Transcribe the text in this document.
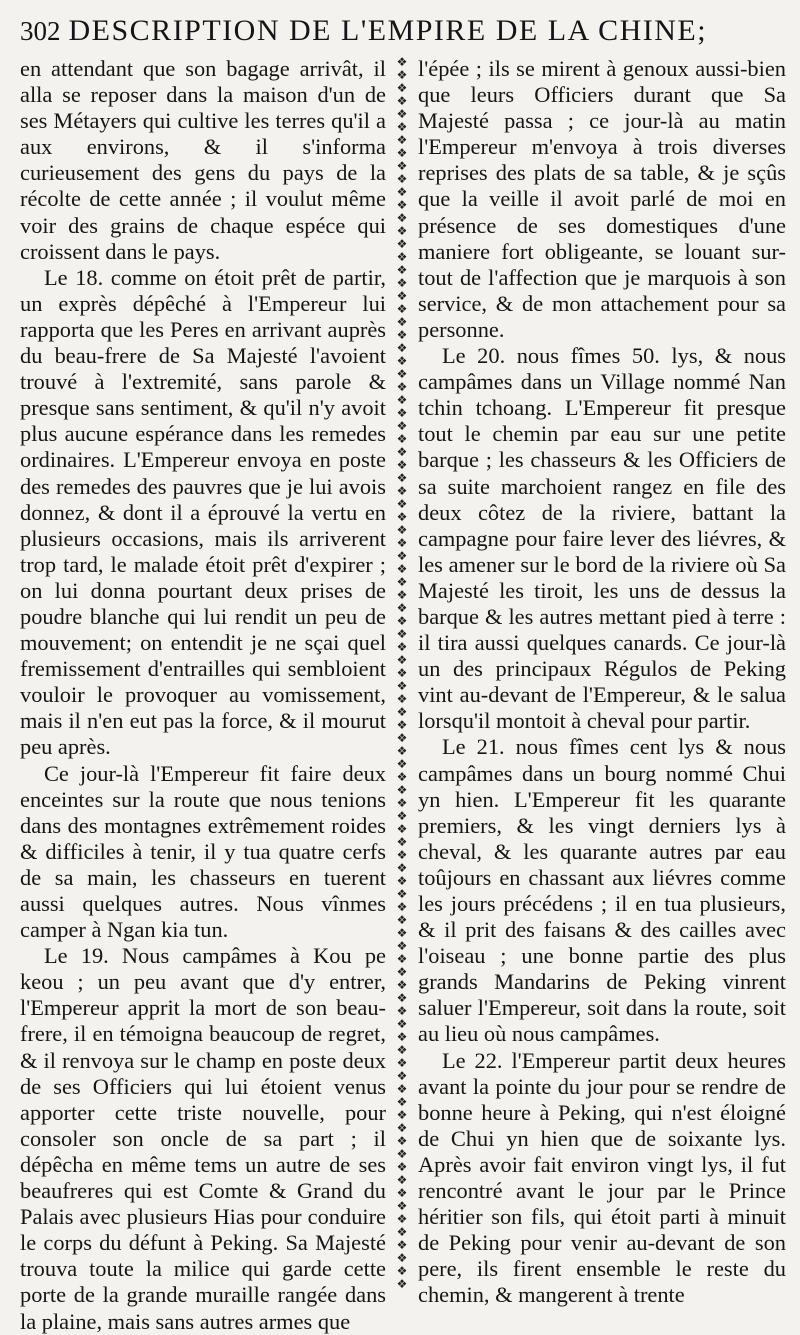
302 DESCRIPTION DE L'EMPIRE DE LA CHINE;

en attendant que son bagage arrivât, il alla se reposer dans la maison d'un de ses Métayers qui cultive les terres qu'il a aux environs, & il s'informa curieusement des gens du pays de la récolte de cette année ; il voulut même voir des grains de chaque espéce qui croissent dans le pays.

Le 18. comme on étoit prêt de partir, un exprès dépêché à l'Empereur lui rapporta que les Peres en arrivant auprès du beau-frere de Sa Majesté l'avoient trouvé à l'extremité, sans parole & presque sans sentiment, & qu'il n'y avoit plus aucune espérance dans les remedes ordinaires. L'Empereur envoya en poste des remedes des pauvres que je lui avois donnez, & dont il a éprouvé la vertu en plusieurs occasions, mais ils arriverent trop tard, le malade étoit prêt d'expirer ; on lui donna pourtant deux prises de poudre blanche qui lui rendit un peu de mouvement; on entendit je ne sçai quel fremissement d'entrailles qui sembloient vouloir le provoquer au vomissement, mais il n'en eut pas la force, & il mourut peu après.

Ce jour-là l'Empereur fit faire deux enceintes sur la route que nous tenions dans des montagnes extrêmement roides & difficiles à tenir, il y tua quatre cerfs de sa main, les chasseurs en tuerent aussi quelques autres. Nous vînmes camper à Ngan kia tun.

Le 19. Nous campâmes à Kou pe keou ; un peu avant que d'y entrer, l'Empereur apprit la mort de son beau-frere, il en témoigna beaucoup de regret, & il renvoya sur le champ en poste deux de ses Officiers qui lui étoient venus apporter cette triste nouvelle, pour consoler son oncle de sa part ; il dépêcha en même tems un autre de ses beaufreres qui est Comte & Grand du Palais avec plusieurs Hias pour conduire le corps du défunt à Peking. Sa Majesté trouva toute la milice qui garde cette porte de la grande muraille rangée dans la plaine, mais sans autres armes que

❖
❖
❖
❖
❖
❖
❖
❖
❖
❖
❖
❖
❖
❖
❖
❖
❖
❖
❖
❖
❖
❖
❖
❖
❖
❖
❖
❖
❖
❖
❖
❖
❖
❖
❖
❖
❖
❖
❖
❖
❖
❖
❖
❖
❖
❖
❖
❖
❖
❖
❖
❖
❖
❖
❖
❖
❖
❖
❖
❖
❖
❖
❖
❖
❖
❖
❖
❖
❖
❖
❖
❖
❖
❖
❖
❖
❖
❖
❖
❖
❖
❖
❖
❖
❖
❖
❖
❖
❖
❖
❖
❖
❖
❖
❖

l'épée ; ils se mirent à genoux aussi-bien que leurs Officiers durant que Sa Majesté passa ; ce jour-là au matin l'Empereur m'envoya à trois diverses reprises des plats de sa table, & je sçûs que la veille il avoit parlé de moi en présence de ses domestiques d'une maniere fort obligeante, se louant sur-tout de l'affection que je marquois à son service, & de mon attachement pour sa personne.

Le 20. nous fîmes 50. lys, & nous campâmes dans un Village nommé Nan tchin tchoang. L'Empereur fit presque tout le chemin par eau sur une petite barque ; les chasseurs & les Officiers de sa suite marchoient rangez en file des deux côtez de la riviere, battant la campagne pour faire lever des liévres, & les amener sur le bord de la riviere où Sa Majesté les tiroit, les uns de dessus la barque & les autres mettant pied à terre : il tira aussi quelques canards. Ce jour-là un des principaux Régulos de Peking vint au-devant de l'Empereur, & le salua lorsqu'il montoit à cheval pour partir.

Le 21. nous fîmes cent lys & nous campâmes dans un bourg nommé Chui yn hien. L'Empereur fit les quarante premiers, & les vingt derniers lys à cheval, & les quarante autres par eau toûjours en chassant aux liévres comme les jours précédens ; il en tua plusieurs, & il prit des faisans & des cailles avec l'oiseau ; une bonne partie des plus grands Mandarins de Peking vinrent saluer l'Empereur, soit dans la route, soit au lieu où nous campâmes.

Le 22. l'Empereur partit deux heures avant la pointe du jour pour se rendre de bonne heure à Peking, qui n'est éloigné de Chui yn hien que de soixante lys. Après avoir fait environ vingt lys, il fut rencontré avant le jour par le Prince héritier son fils, qui étoit parti à minuit de Peking pour venir au-devant de son pere, ils firent ensemble le reste du chemin, & mangerent à trente
